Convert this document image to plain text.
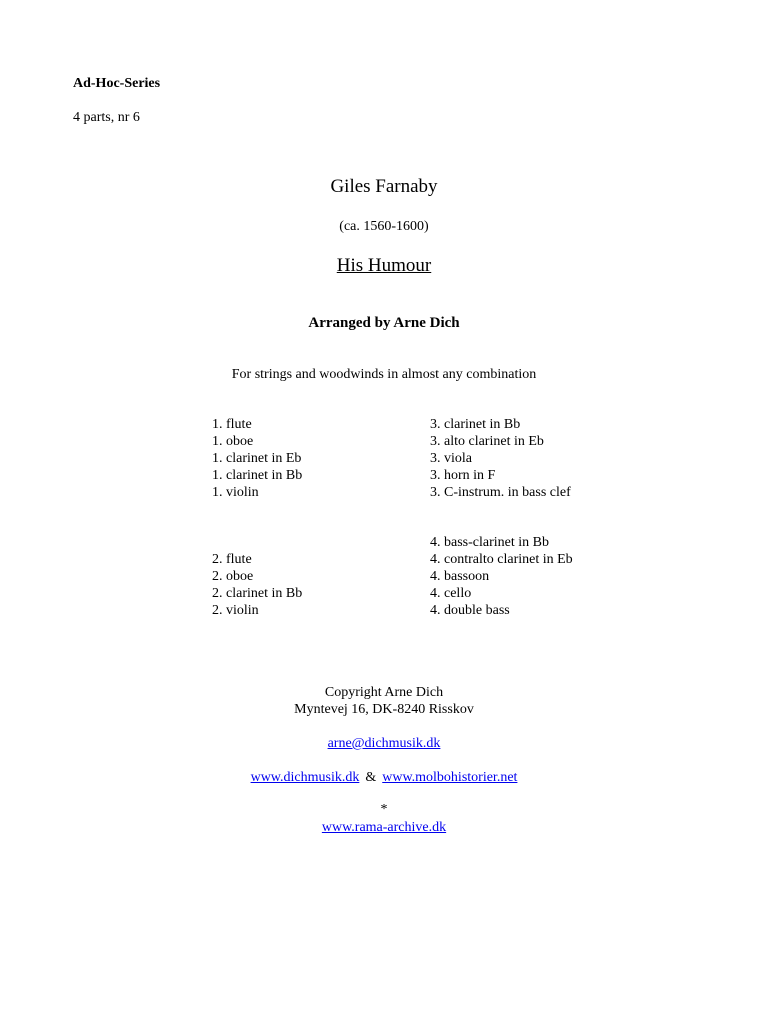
Ad-Hoc-Series
4 parts, nr 6
Giles Farnaby
(ca. 1560-1600)
His Humour
Arranged by Arne Dich
For strings and woodwinds in almost any combination
1. flute
1. oboe
1. clarinet in Eb
1. clarinet in Bb
1. violin
3. clarinet in Bb
3. alto clarinet in Eb
3. viola
3. horn in F
3. C-instrum. in bass clef
2. flute
2. oboe
2. clarinet in Bb
2. violin
4. bass-clarinet in Bb
4. contralto clarinet in Eb
4. bassoon
4. cello
4. double bass
Copyright Arne Dich
Myntevej 16, DK-8240 Risskov
arne@dichmusik.dk
www.dichmusik.dk & www.molbohistorier.net
*
www.rama-archive.dk
